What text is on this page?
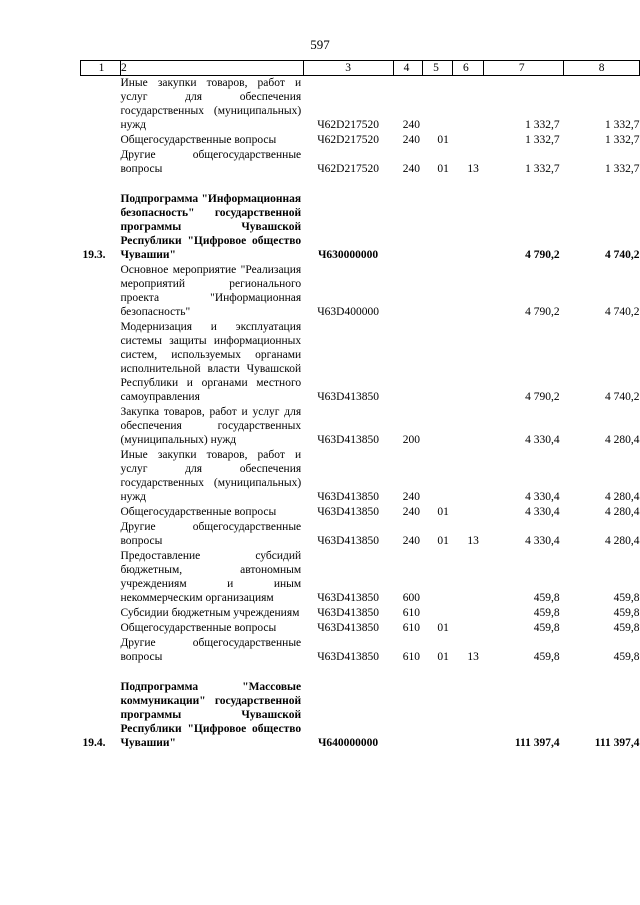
597
1	2	3	4	5	6	7	8
	Иные закупки товаров, работ и услуг для обеспечения государственных (муниципальных) нужд	Ч62D217520	240			1 332,7	1 332,7
	Общегосударственные вопросы	Ч62D217520	240	01		1 332,7	1 332,7
	Другие общегосударственные вопросы	Ч62D217520	240	01	13	1 332,7	1 332,7

19.3.	Подпрограмма "Информационная безопасность" государственной программы Чувашской Республики "Цифровое общество Чувашии"	Ч630000000				4 790,2	4 740,2
	Основное мероприятие "Реализация мероприятий регионального проекта "Информационная безопасность"	Ч63D400000				4 790,2	4 740,2
	Модернизация и эксплуатация системы защиты информационных систем, используемых органами исполнительной власти Чувашской Республики и органами местного самоуправления	Ч63D413850				4 790,2	4 740,2
	Закупка товаров, работ и услуг для обеспечения государственных (муниципальных) нужд	Ч63D413850	200			4 330,4	4 280,4
	Иные закупки товаров, работ и услуг для обеспечения государственных (муниципальных) нужд	Ч63D413850	240			4 330,4	4 280,4
	Общегосударственные вопросы	Ч63D413850	240	01		4 330,4	4 280,4
	Другие общегосударственные вопросы	Ч63D413850	240	01	13	4 330,4	4 280,4
	Предоставление субсидий бюджетным, автономным учреждениям и иным некоммерческим организациям	Ч63D413850	600			459,8	459,8
	Субсидии бюджетным учреждениям	Ч63D413850	610			459,8	459,8
	Общегосударственные вопросы	Ч63D413850	610	01		459,8	459,8
	Другие общегосударственные вопросы	Ч63D413850	610	01	13	459,8	459,8

19.4.	Подпрограмма "Массовые коммуникации" государственной программы Чувашской Республики "Цифровое общество Чувашии"	Ч640000000				111 397,4	111 397,4
